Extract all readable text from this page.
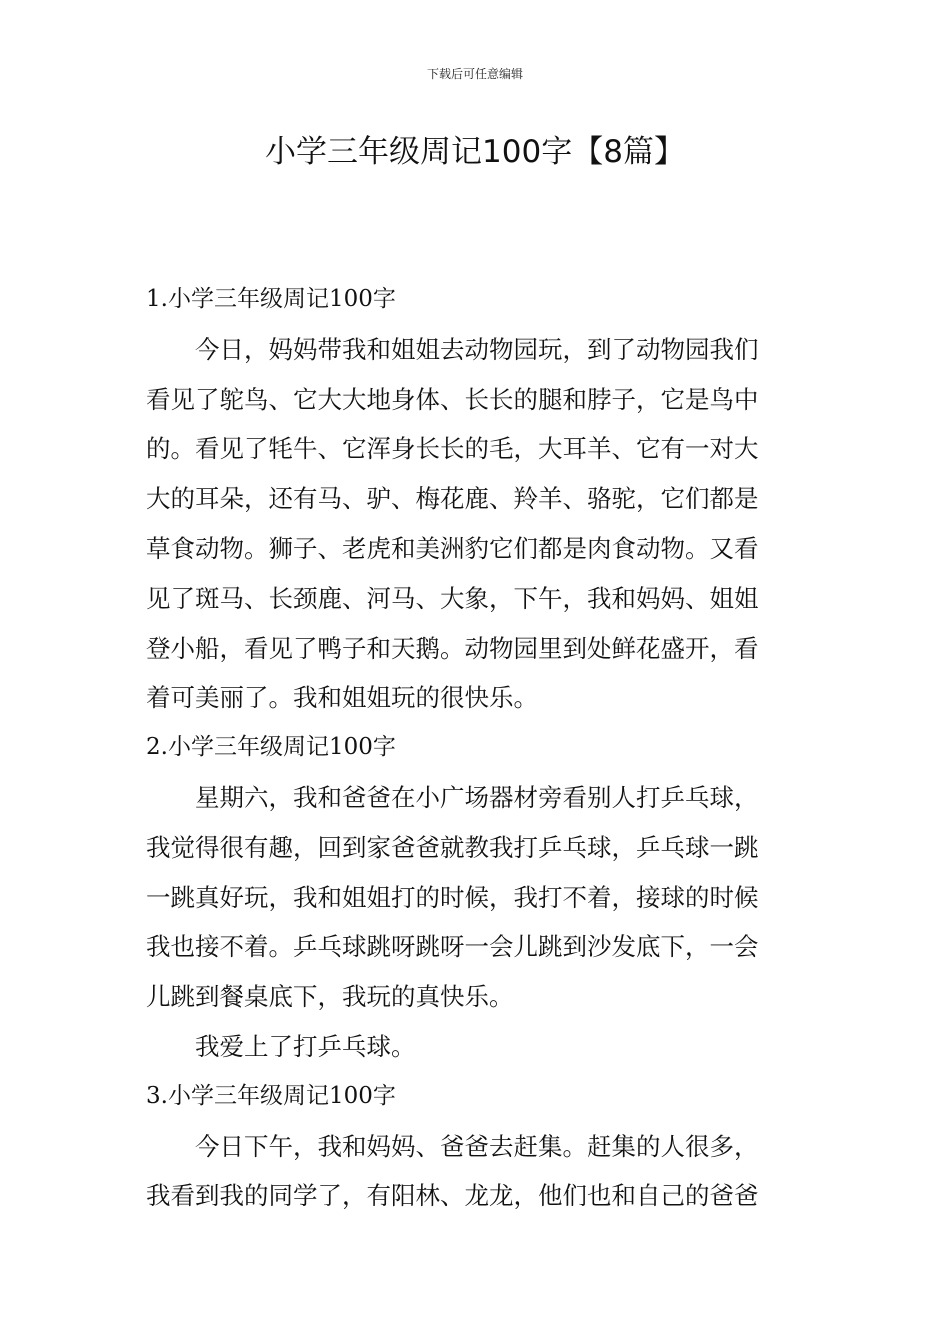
下载后可任意编辑
小学三年级周记100字【8篇】
1.小学三年级周记100字
今日，妈妈带我和姐姐去动物园玩，到了动物园我们
看见了鸵鸟、它大大地身体、长长的腿和脖子，它是鸟中
的。看见了牦牛、它浑身长长的毛，大耳羊、它有一对大
大的耳朵，还有马、驴、梅花鹿、羚羊、骆驼，它们都是
草食动物。狮子、老虎和美洲豹它们都是肉食动物。又看
见了斑马、长颈鹿、河马、大象，下午，我和妈妈、姐姐
登小船，看见了鸭子和天鹅。动物园里到处鲜花盛开，看
着可美丽了。我和姐姐玩的很快乐。
2.小学三年级周记100字
星期六，我和爸爸在小广场器材旁看别人打乒乓球，
我觉得很有趣，回到家爸爸就教我打乒乓球，乒乓球一跳
一跳真好玩，我和姐姐打的时候，我打不着，接球的时候
我也接不着。乒乓球跳呀跳呀一会儿跳到沙发底下，一会
儿跳到餐桌底下，我玩的真快乐。
我爱上了打乒乓球。
3.小学三年级周记100字
今日下午，我和妈妈、爸爸去赶集。赶集的人很多，
我看到我的同学了，有阳林、龙龙，他们也和自己的爸爸
